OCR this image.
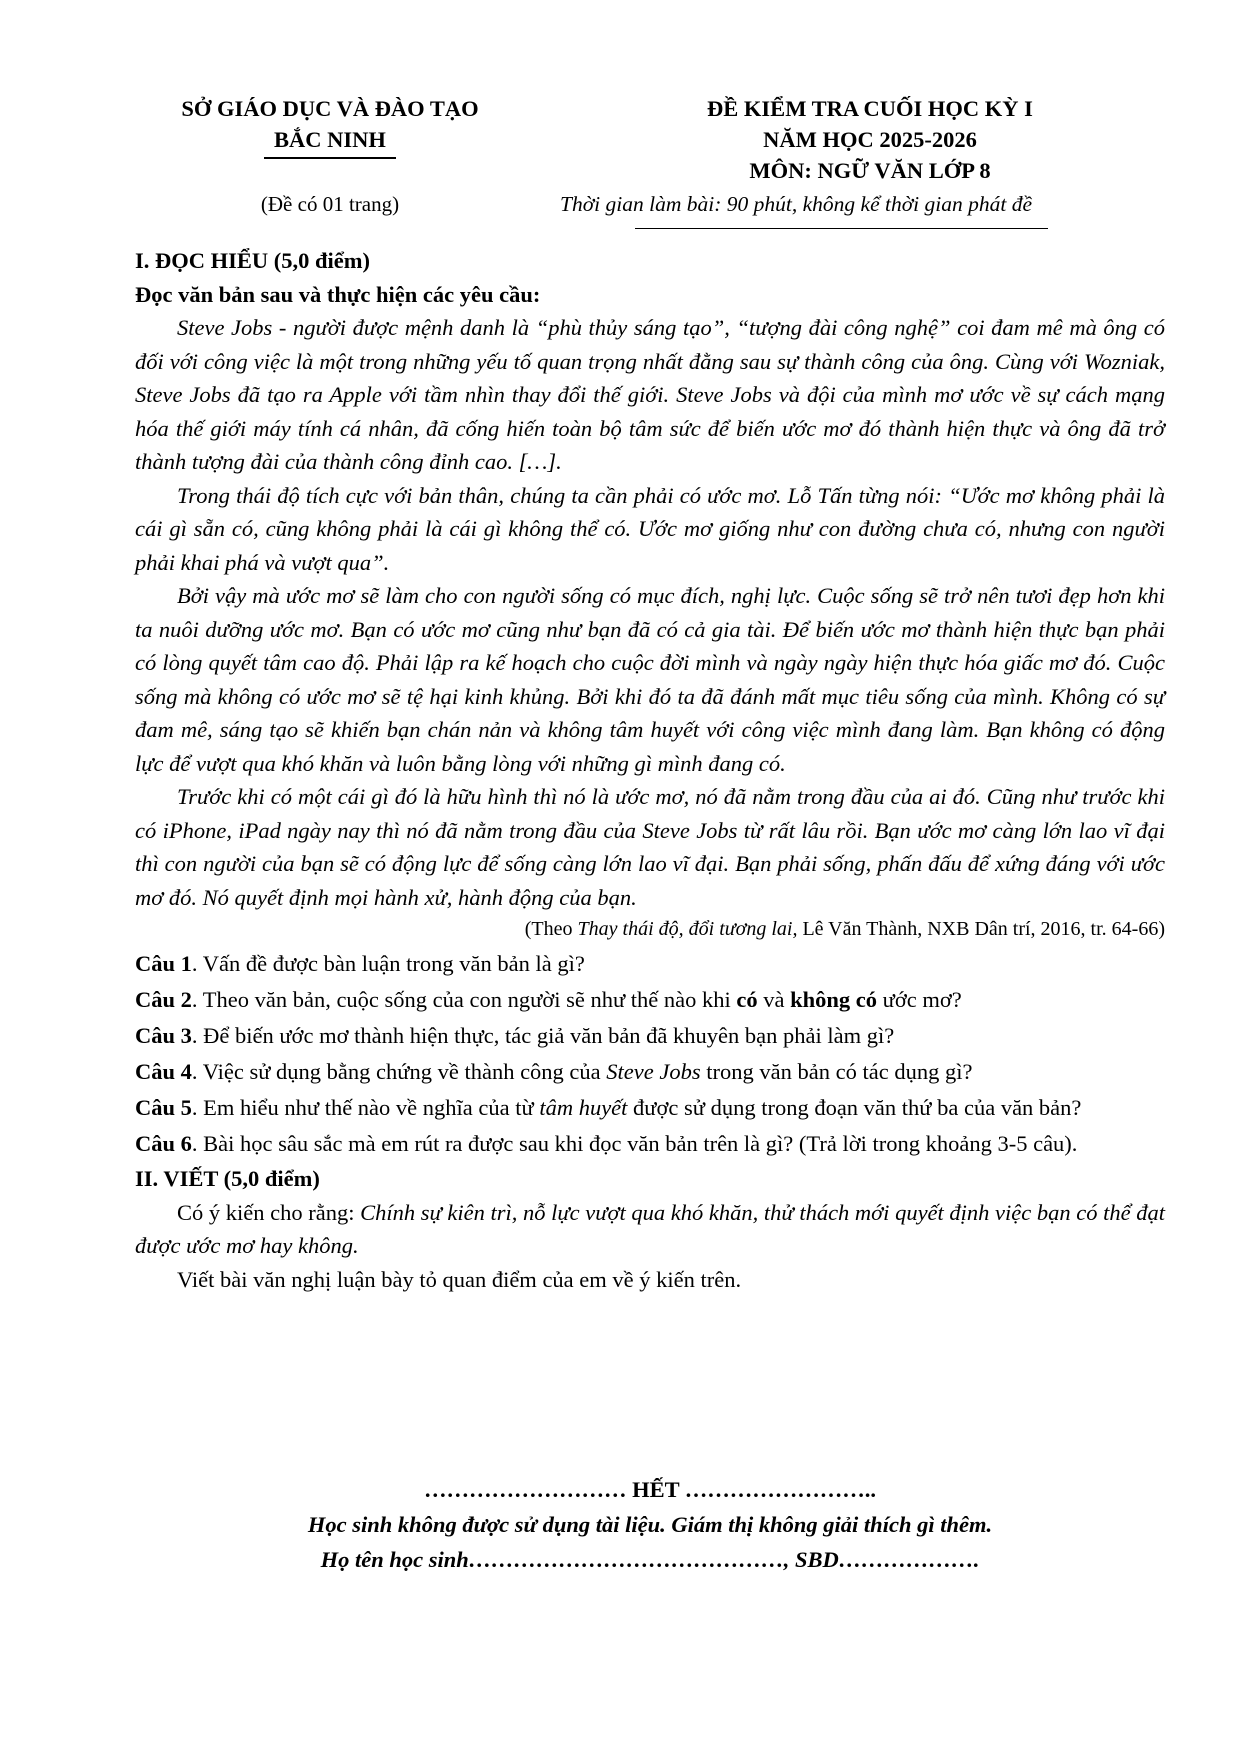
SỞ GIÁO DỤC VÀ ĐÀO TẠO
BẮC NINH
(Đề có 01 trang)
ĐỀ KIỂM TRA CUỐI HỌC KỲ I
NĂM HỌC 2025-2026
MÔN: NGỮ VĂN LỚP 8
Thời gian làm bài: 90 phút, không kể thời gian phát đề
I. ĐỌC HIỂU (5,0 điểm)
Đọc văn bản sau và thực hiện các yêu cầu:

Steve Jobs - người được mệnh danh là “phù thủy sáng tạo”, “tượng đài công nghệ” coi đam mê mà ông có đối với công việc là một trong những yếu tố quan trọng nhất đằng sau sự thành công của ông. Cùng với Wozniak, Steve Jobs đã tạo ra Apple với tầm nhìn thay đổi thế giới. Steve Jobs và đội của mình mơ ước về sự cách mạng hóa thế giới máy tính cá nhân, đã cống hiến toàn bộ tâm sức để biến ước mơ đó thành hiện thực và ông đã trở thành tượng đài của thành công đỉnh cao. […].

Trong thái độ tích cực với bản thân, chúng ta cần phải có ước mơ. Lỗ Tấn từng nói: “Ước mơ không phải là cái gì sẵn có, cũng không phải là cái gì không thể có. Ước mơ giống như con đường chưa có, nhưng con người phải khai phá và vượt qua”.

Bởi vậy mà ước mơ sẽ làm cho con người sống có mục đích, nghị lực. Cuộc sống sẽ trở nên tươi đẹp hơn khi ta nuôi dưỡng ước mơ. Bạn có ước mơ cũng như bạn đã có cả gia tài. Để biến ước mơ thành hiện thực bạn phải có lòng quyết tâm cao độ. Phải lập ra kế hoạch cho cuộc đời mình và ngày ngày hiện thực hóa giấc mơ đó. Cuộc sống mà không có ước mơ sẽ tệ hại kinh khủng. Bởi khi đó ta đã đánh mất mục tiêu sống của mình. Không có sự đam mê, sáng tạo sẽ khiến bạn chán nản và không tâm huyết với công việc mình đang làm. Bạn không có động lực để vượt qua khó khăn và luôn bằng lòng với những gì mình đang có.

Trước khi có một cái gì đó là hữu hình thì nó là ước mơ, nó đã nằm trong đầu của ai đó. Cũng như trước khi có iPhone, iPad ngày nay thì nó đã nằm trong đầu của Steve Jobs từ rất lâu rồi. Bạn ước mơ càng lớn lao vĩ đại thì con người của bạn sẽ có động lực để sống càng lớn lao vĩ đại. Bạn phải sống, phấn đấu để xứng đáng với ước mơ đó. Nó quyết định mọi hành xử, hành động của bạn.

(Theo Thay thái độ, đổi tương lai, Lê Văn Thành, NXB Dân trí, 2016, tr. 64-66)

Câu 1. Vấn đề được bàn luận trong văn bản là gì?

Câu 2. Theo văn bản, cuộc sống của con người sẽ như thế nào khi có và không có ước mơ?

Câu 3. Để biến ước mơ thành hiện thực, tác giả văn bản đã khuyên bạn phải làm gì?

Câu 4. Việc sử dụng bằng chứng về thành công của Steve Jobs trong văn bản có tác dụng gì?

Câu 5. Em hiểu như thế nào về nghĩa của từ tâm huyết được sử dụng trong đoạn văn thứ ba của văn bản?

Câu 6. Bài học sâu sắc mà em rút ra được sau khi đọc văn bản trên là gì? (Trả lời trong khoảng 3-5 câu).

II. VIẾT (5,0 điểm)

Có ý kiến cho rằng: Chính sự kiên trì, nỗ lực vượt qua khó khăn, thử thách mới quyết định việc bạn có thể đạt được ước mơ hay không.

Viết bài văn nghị luận bày tỏ quan điểm của em về ý kiến trên.

……………………… HẾT ……………………..
Học sinh không được sử dụng tài liệu. Giám thị không giải thích gì thêm.
Họ tên học sinh……………………………………, SBD……………….
